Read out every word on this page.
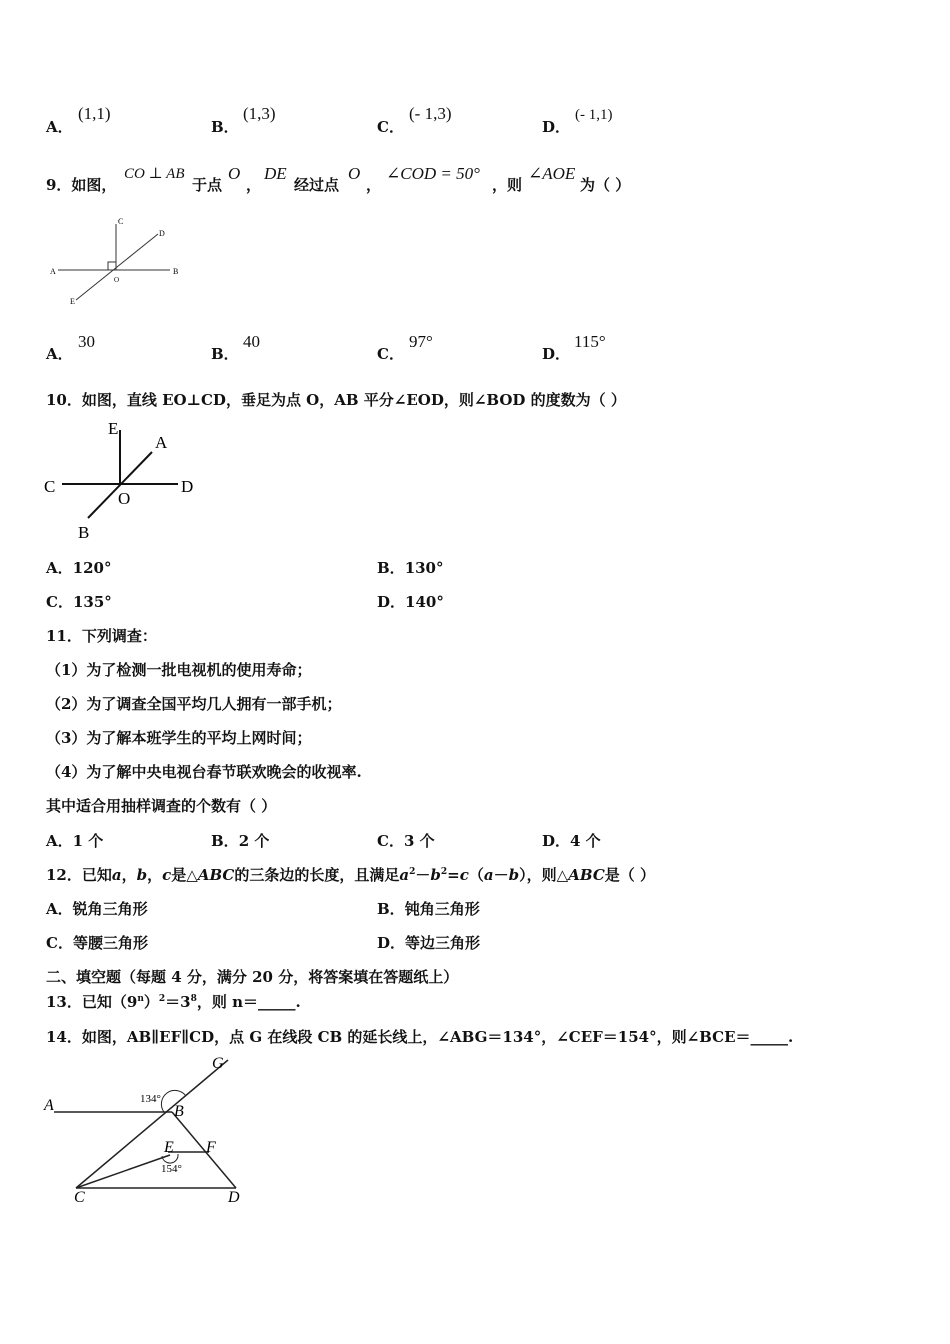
A．
(1,1)
B．
(1,3)
C．
(- 1,3)
D．
(- 1,1)
9．如图，
CO ⊥ AB
于点
O
，
DE
经过点
O
，
∠COD = 50°
，则
∠AOE
为（ ）
A	B
C
D
E
O
A．
30
B．
40
C．
97°
D．
115°
10．如图，直线 EO⊥CD，垂足为点 O，AB 平分∠EOD，则∠BOD 的度数为（ ）
E
A
C	D
O
B
A．120°	B．130°
C．135°	D．140°
11．下列调查：
（1）为了检测一批电视机的使用寿命；
（2）为了调查全国平均几人拥有一部手机；
（3）为了解本班学生的平均上网时间；
（4）为了解中央电视台春节联欢晚会的收视率.
其中适合用抽样调查的个数有（ ）
A．1 个	B．2 个	C．3 个	D．4 个
12．已知a，b，c是△ABC的三条边的长度，且满足$a^2-b^2=c(a-b)$，则△ABC是（ ）
A．锐角三角形	B．钝角三角形
C．等腰三角形	D．等边三角形
二、填空题（每题 4 分，满分 20 分，将答案填在答题纸上）
13．已知$(9^n)^2=3^8$，则 n＝_____.
14．如图，AB∥EF∥CD，点 G 在线段 CB 的延长线上，∠ABG＝134°，∠CEF＝154°，则∠BCE＝_____.
G
A	B
E F
C	D
134°
154°
